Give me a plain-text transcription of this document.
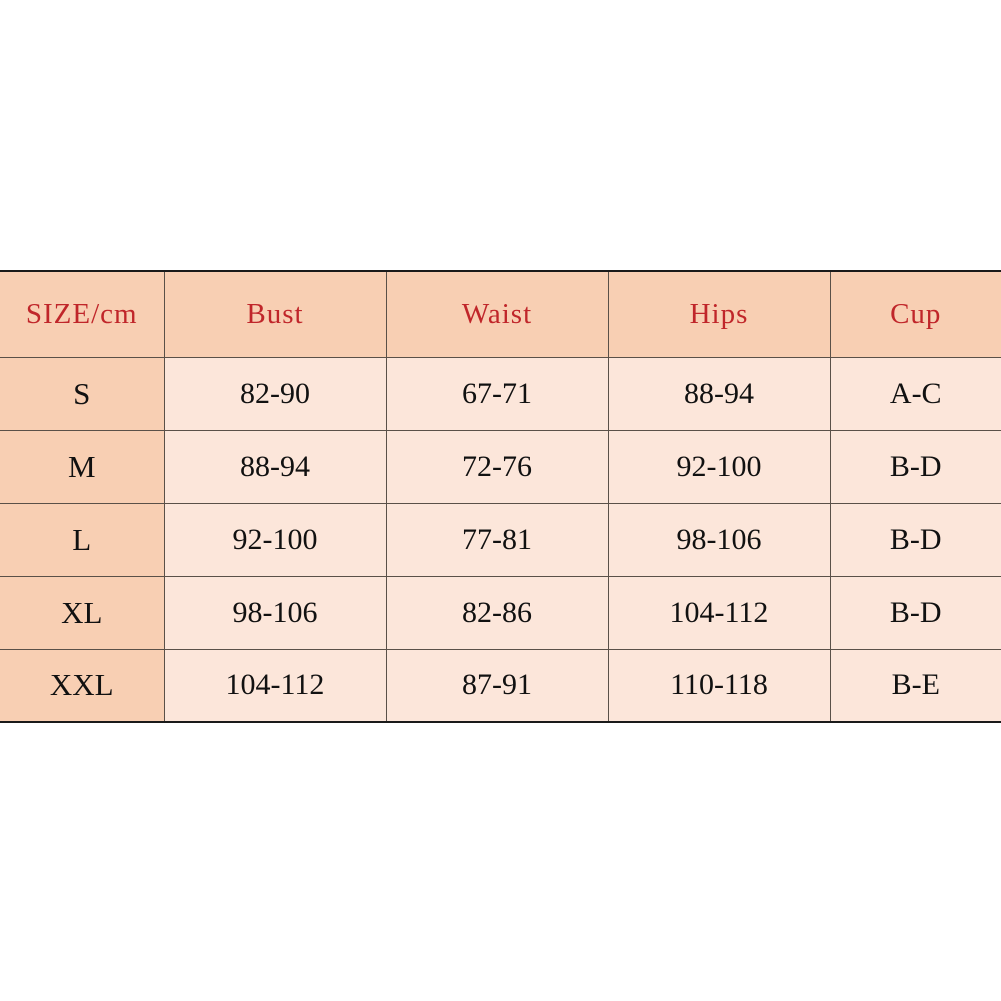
SIZE/cm	Bust	Waist	Hips	Cup
S	82-90	67-71	88-94	A-C
M	88-94	72-76	92-100	B-D
L	92-100	77-81	98-106	B-D
XL	98-106	82-86	104-112	B-D
XXL	104-112	87-91	110-118	B-E
